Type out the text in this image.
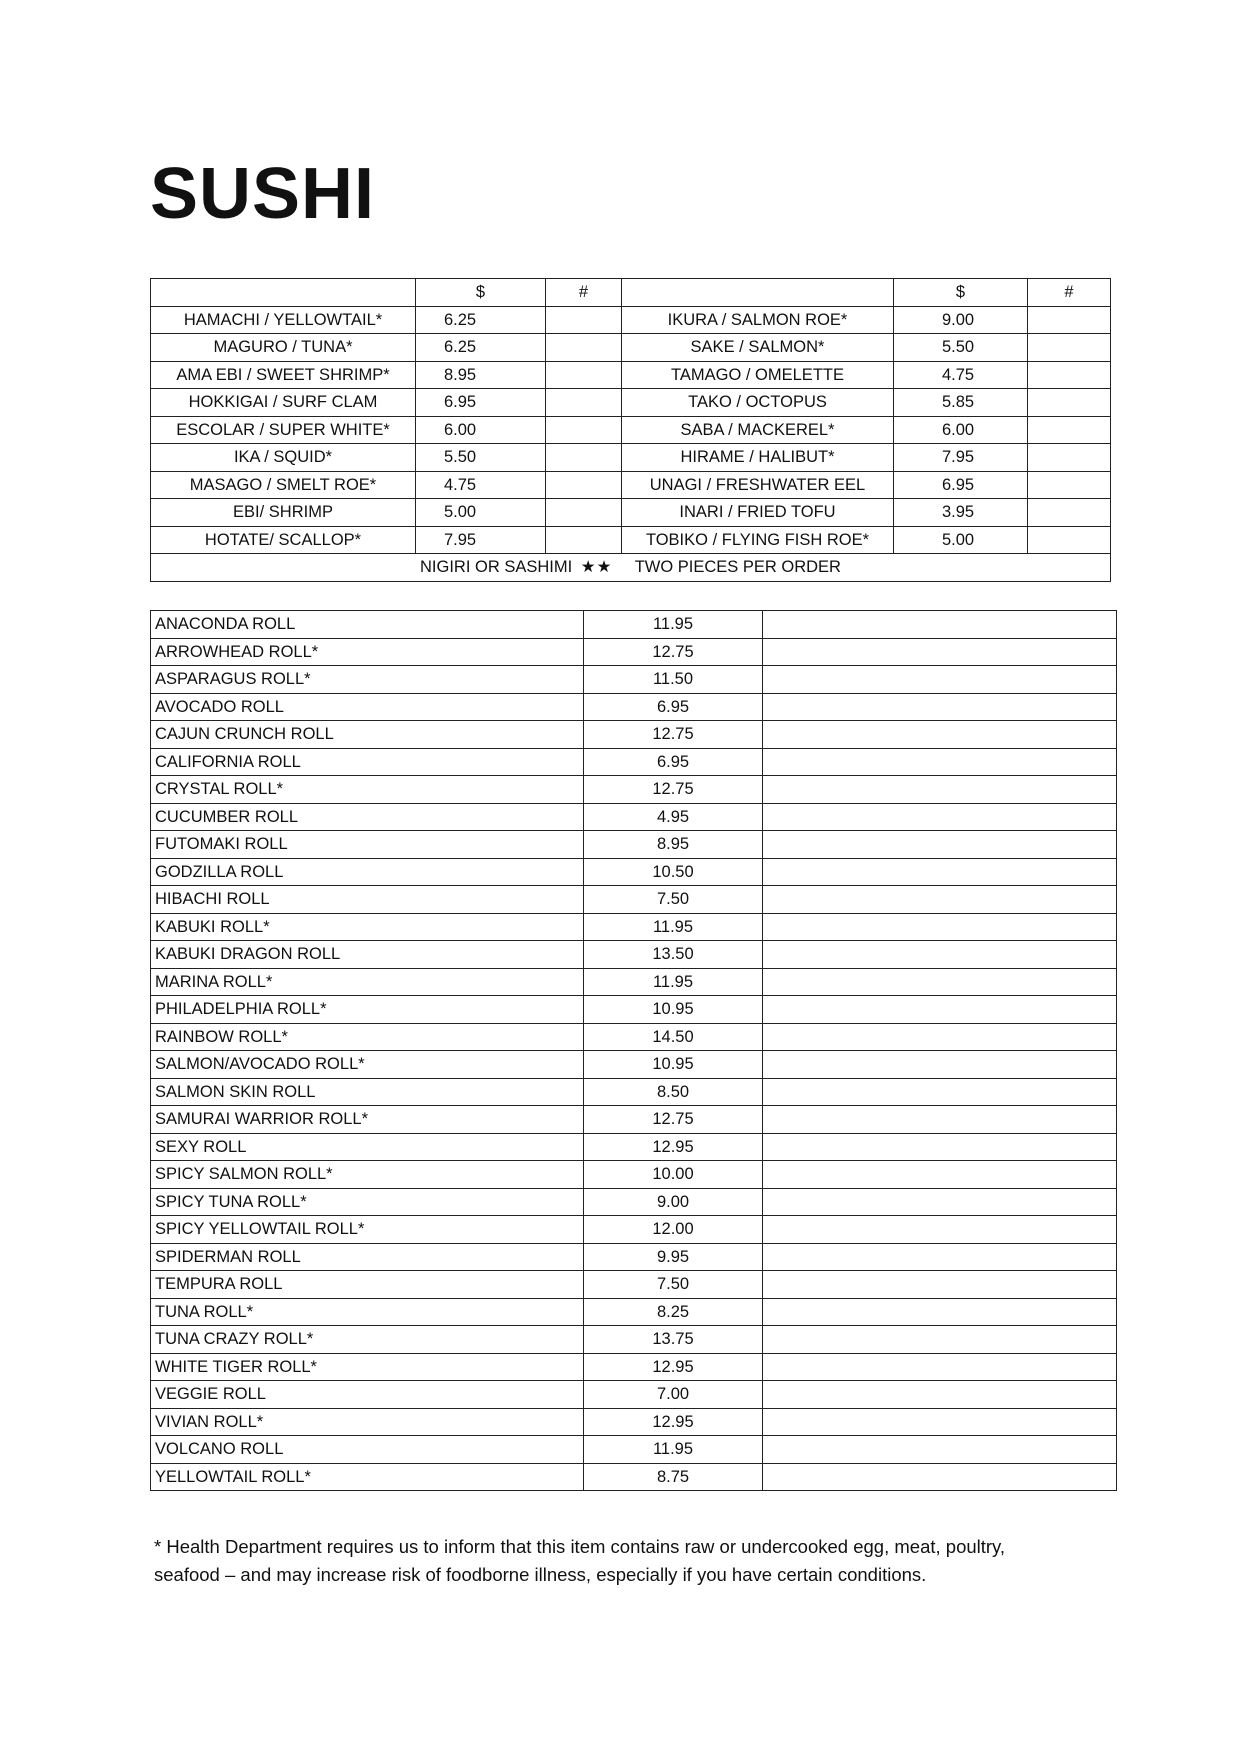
SUSHI
	$	#		$	#
HAMACHI / YELLOWTAIL*	6.25		IKURA / SALMON ROE*	9.00	
MAGURO / TUNA*	6.25		SAKE / SALMON*	5.50	
AMA EBI / SWEET SHRIMP*	8.95		TAMAGO / OMELETTE	4.75	
HOKKIGAI / SURF CLAM	6.95		TAKO / OCTOPUS	5.85	
ESCOLAR / SUPER WHITE*	6.00		SABA / MACKEREL*	6.00	
IKA / SQUID*	5.50		HIRAME / HALIBUT*	7.95	
MASAGO / SMELT ROE*	4.75		UNAGI / FRESHWATER EEL	6.95	
EBI/ SHRIMP	5.00		INARI / FRIED TOFU	3.95	
HOTATE/ SCALLOP*	7.95		TOBIKO / FLYING FISH ROE*	5.00	
NIGIRI OR SASHIMI ★★ TWO PIECES PER ORDER					
ANACONDA ROLL	11.95	
ARROWHEAD ROLL*	12.75	
ASPARAGUS ROLL*	11.50	
AVOCADO ROLL	6.95	
CAJUN CRUNCH ROLL	12.75	
CALIFORNIA ROLL	6.95	
CRYSTAL ROLL*	12.75	
CUCUMBER ROLL	4.95	
FUTOMAKI ROLL	8.95	
GODZILLA ROLL	10.50	
HIBACHI ROLL	7.50	
KABUKI ROLL*	11.95	
KABUKI DRAGON ROLL	13.50	
MARINA ROLL*	11.95	
PHILADELPHIA ROLL*	10.95	
RAINBOW ROLL*	14.50	
SALMON/AVOCADO ROLL*	10.95	
SALMON SKIN ROLL	8.50	
SAMURAI WARRIOR ROLL*	12.75	
SEXY ROLL	12.95	
SPICY SALMON ROLL*	10.00	
SPICY TUNA ROLL*	9.00	
SPICY YELLOWTAIL ROLL*	12.00	
SPIDERMAN ROLL	9.95	
TEMPURA ROLL	7.50	
TUNA ROLL*	8.25	
TUNA CRAZY ROLL*	13.75	
WHITE TIGER ROLL*	12.95	
VEGGIE ROLL	7.00	
VIVIAN ROLL*	12.95	
VOLCANO ROLL	11.95	
YELLOWTAIL ROLL*	8.75	

* Health Department requires us to inform that this item contains raw or undercooked egg, meat, poultry,
seafood – and may increase risk of foodborne illness, especially if you have certain conditions.
